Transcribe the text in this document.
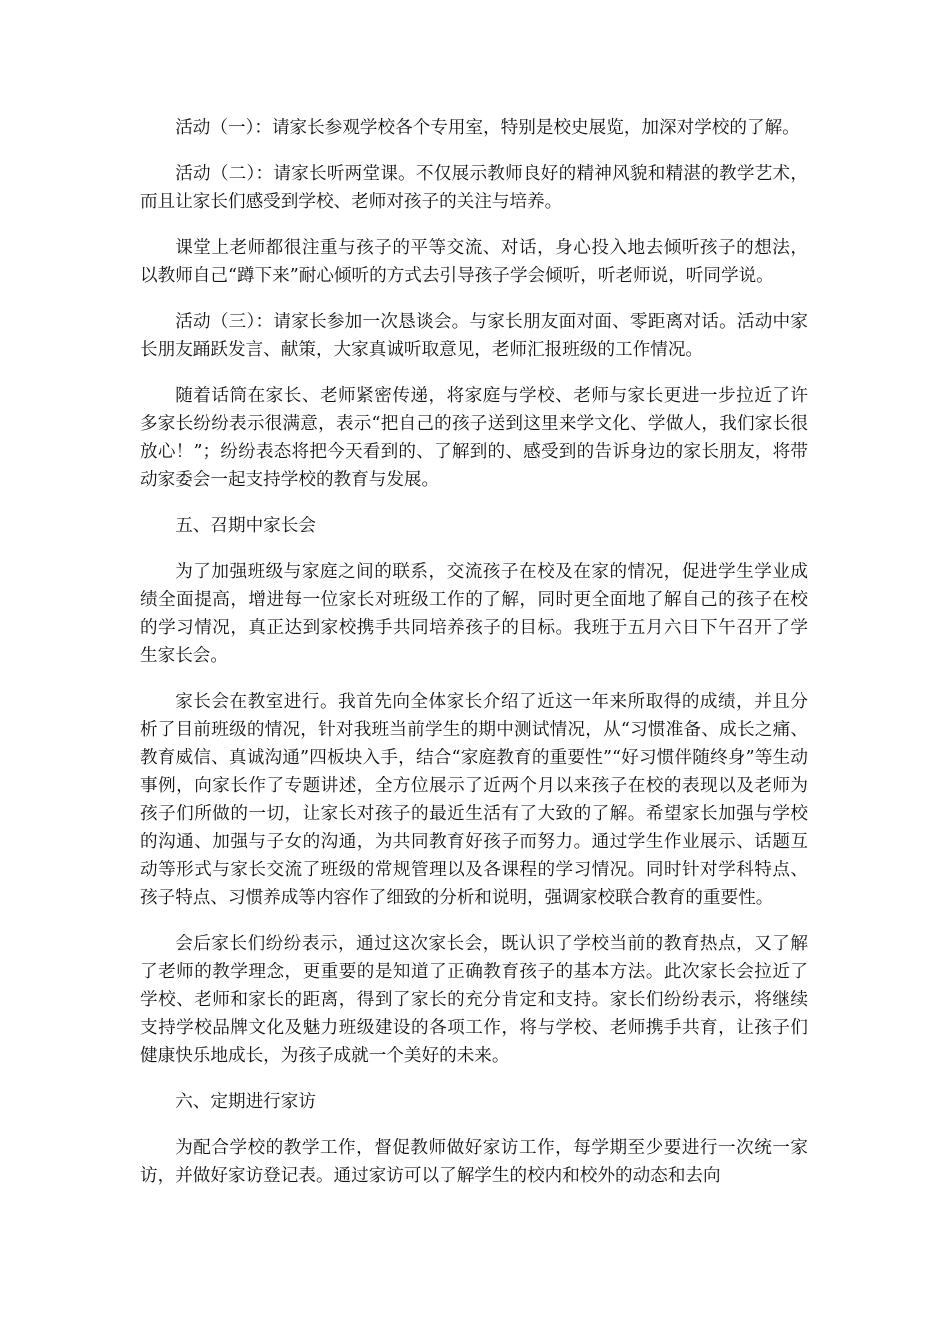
活动（一）：请家长参观学校各个专用室，特别是校史展览，加深对学校的了解。

活动（二）：请家长听两堂课。不仅展示教师良好的精神风貌和精湛的教学艺术，而且让家长们感受到学校、老师对孩子的关注与培养。

课堂上老师都很注重与孩子的平等交流、对话，身心投入地去倾听孩子的想法，以教师自己“蹲下来”耐心倾听的方式去引导孩子学会倾听，听老师说，听同学说。

活动（三）：请家长参加一次恳谈会。与家长朋友面对面、零距离对话。活动中家长朋友踊跃发言、献策，大家真诚听取意见，老师汇报班级的工作情况。

随着话筒在家长、老师紧密传递，将家庭与学校、老师与家长更进一步拉近了许多家长纷纷表示很满意，表示“把自己的孩子送到这里来学文化、学做人，我们家长很放心！”；纷纷表态将把今天看到的、了解到的、感受到的告诉身边的家长朋友，将带动家委会一起支持学校的教育与发展。

五、召期中家长会

为了加强班级与家庭之间的联系，交流孩子在校及在家的情况，促进学生学业成绩全面提高，增进每一位家长对班级工作的了解，同时更全面地了解自己的孩子在校的学习情况，真正达到家校携手共同培养孩子的目标。我班于五月六日下午召开了学生家长会。

家长会在教室进行。我首先向全体家长介绍了近这一年来所取得的成绩，并且分析了目前班级的情况，针对我班当前学生的期中测试情况，从“习惯准备、成长之痛、教育威信、真诚沟通”四板块入手，结合“家庭教育的重要性”“好习惯伴随终身”等生动事例，向家长作了专题讲述，全方位展示了近两个月以来孩子在校的表现以及老师为孩子们所做的一切，让家长对孩子的最近生活有了大致的了解。希望家长加强与学校的沟通、加强与子女的沟通，为共同教育好孩子而努力。通过学生作业展示、话题互动等形式与家长交流了班级的常规管理以及各课程的学习情况。同时针对学科特点、孩子特点、习惯养成等内容作了细致的分析和说明，强调家校联合教育的重要性。

会后家长们纷纷表示，通过这次家长会，既认识了学校当前的教育热点，又了解了老师的教学理念，更重要的是知道了正确教育孩子的基本方法。此次家长会拉近了学校、老师和家长的距离，得到了家长的充分肯定和支持。家长们纷纷表示，将继续支持学校品牌文化及魅力班级建设的各项工作，将与学校、老师携手共育，让孩子们健康快乐地成长，为孩子成就一个美好的未来。

六、定期进行家访

为配合学校的教学工作，督促教师做好家访工作，每学期至少要进行一次统一家访，并做好家访登记表。通过家访可以了解学生的校内和校外的动态和去向
